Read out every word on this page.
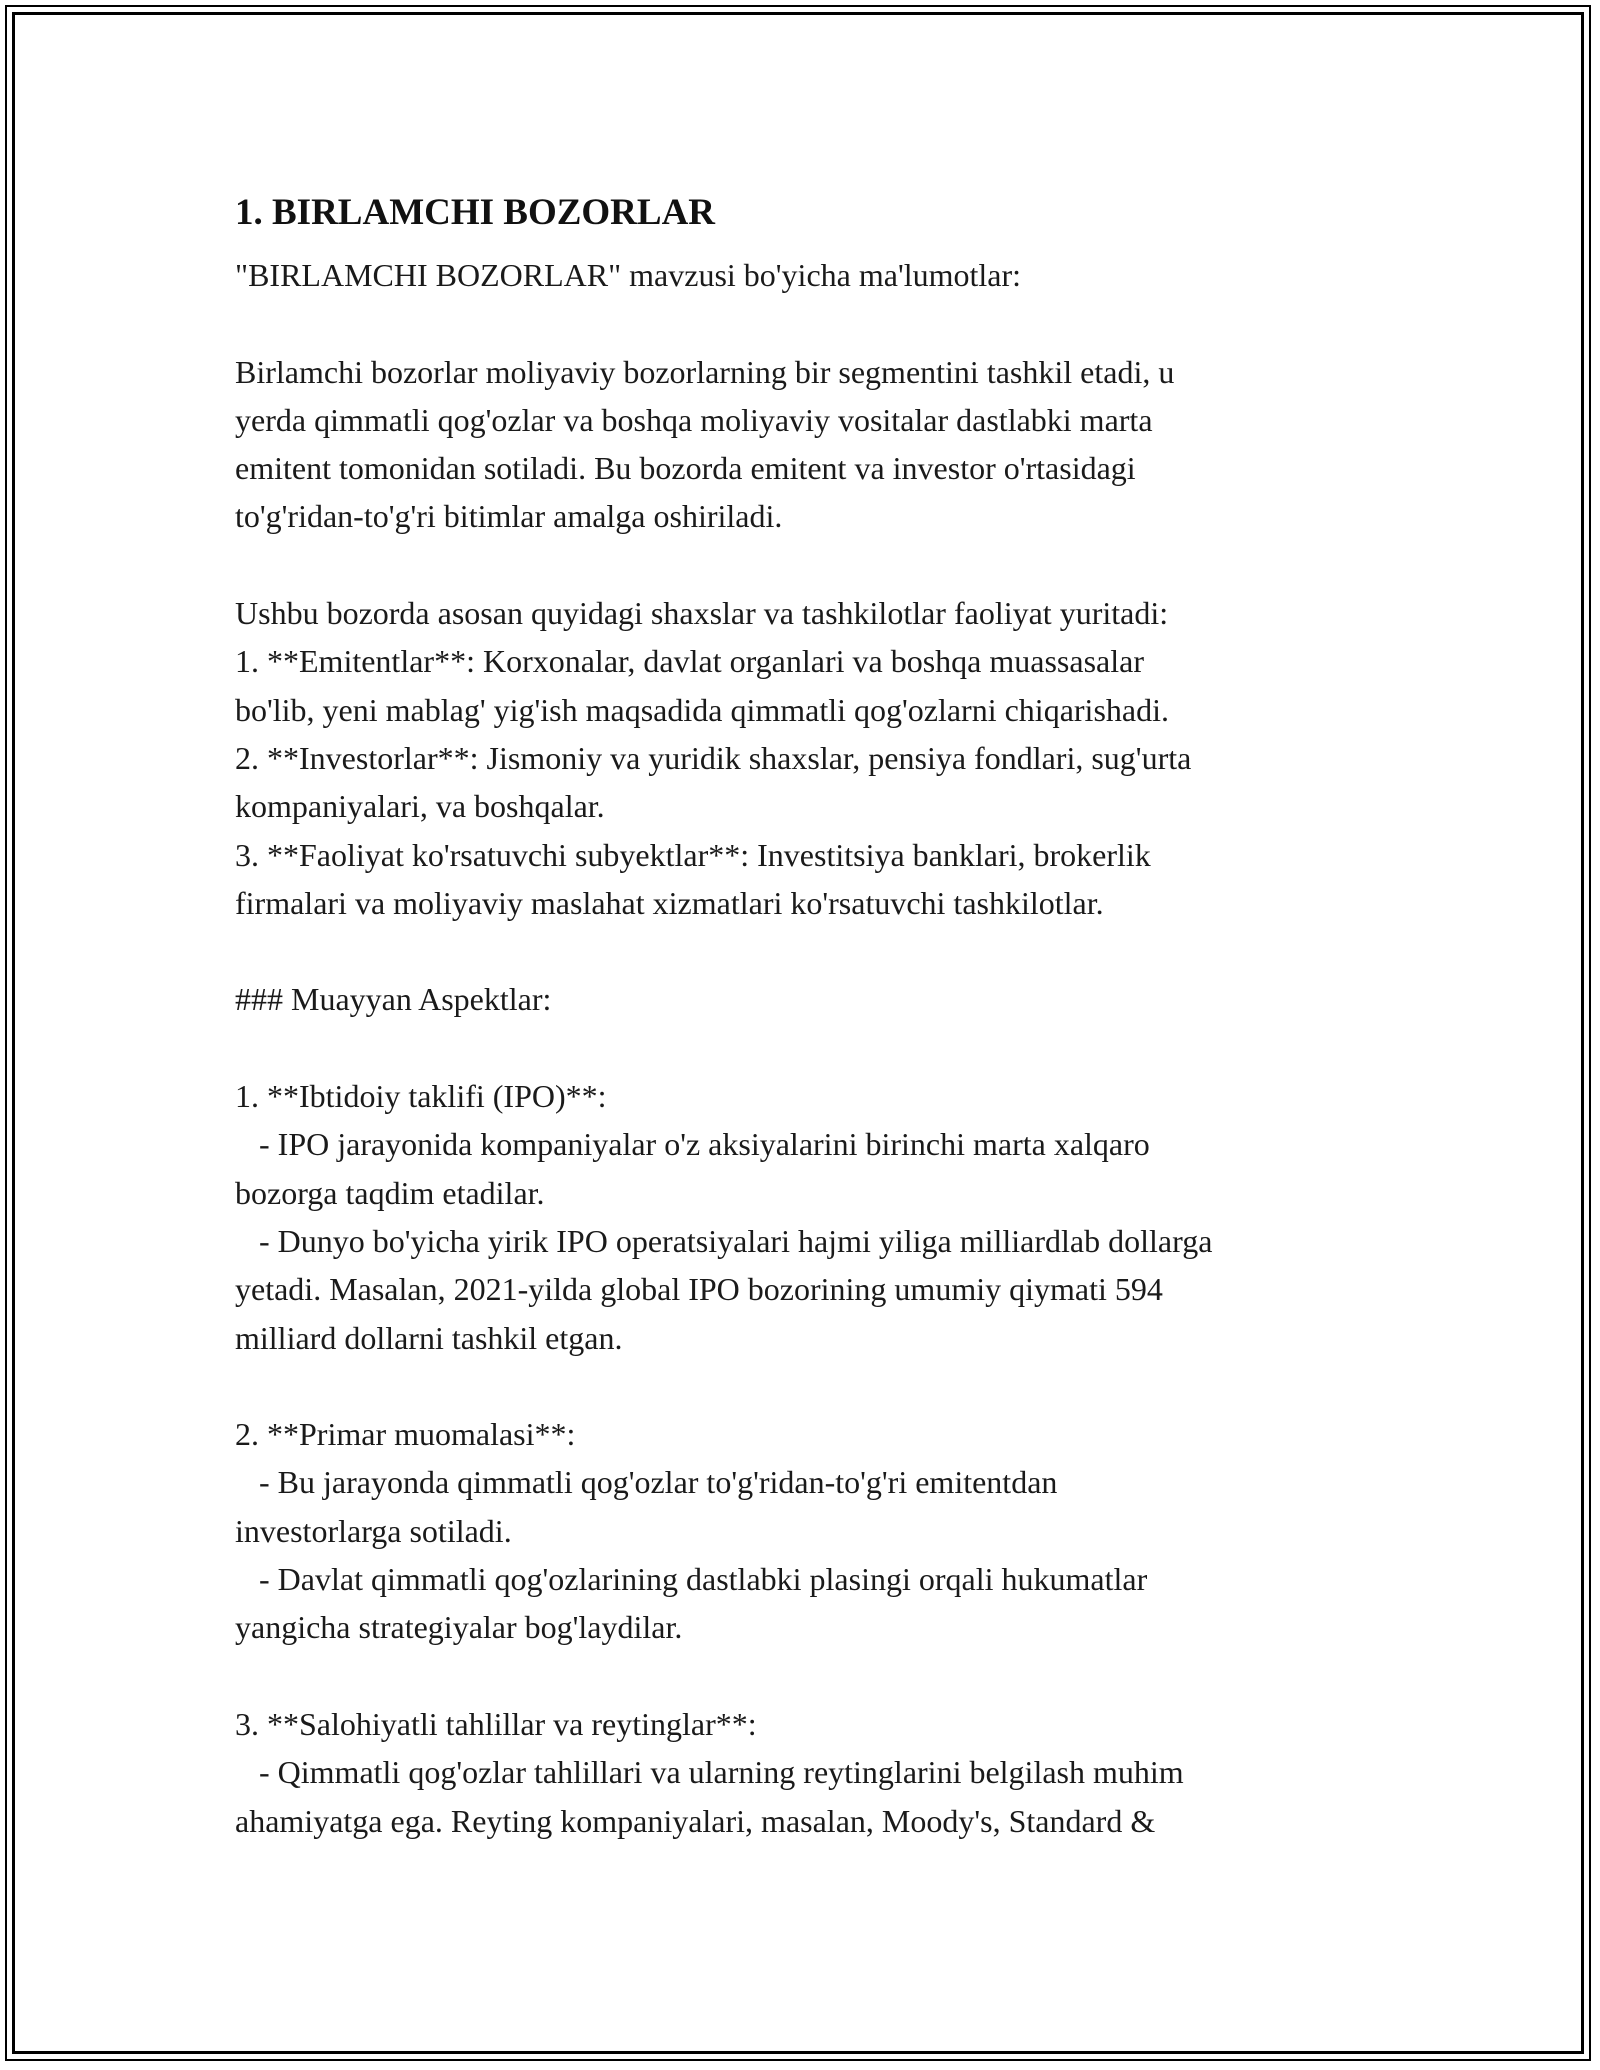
1. BIRLAMCHI BOZORLAR

"BIRLAMCHI BOZORLAR" mavzusi bo'yicha ma'lumotlar:

Birlamchi bozorlar moliyaviy bozorlarning bir segmentini tashkil etadi, u
yerda qimmatli qog'ozlar va boshqa moliyaviy vositalar dastlabki marta
emitent tomonidan sotiladi. Bu bozorda emitent va investor o'rtasidagi
to'g'ridan-to'g'ri bitimlar amalga oshiriladi.

Ushbu bozorda asosan quyidagi shaxslar va tashkilotlar faoliyat yuritadi:
1. **Emitentlar**: Korxonalar, davlat organlari va boshqa muassasalar
bo'lib, yeni mablag' yig'ish maqsadida qimmatli qog'ozlarni chiqarishadi.
2. **Investorlar**: Jismoniy va yuridik shaxslar, pensiya fondlari, sug'urta
kompaniyalari, va boshqalar.
3. **Faoliyat ko'rsatuvchi subyektlar**: Investitsiya banklari, brokerlik
firmalari va moliyaviy maslahat xizmatlari ko'rsatuvchi tashkilotlar.

### Muayyan Aspektlar:

1. **Ibtidoiy taklifi (IPO)**:
- IPO jarayonida kompaniyalar o'z aksiyalarini birinchi marta xalqaro
bozorga taqdim etadilar.
- Dunyo bo'yicha yirik IPO operatsiyalari hajmi yiliga milliardlab dollarga
yetadi. Masalan, 2021-yilda global IPO bozorining umumiy qiymati 594
milliard dollarni tashkil etgan.

2. **Primar muomalasi**:
- Bu jarayonda qimmatli qog'ozlar to'g'ridan-to'g'ri emitentdan
investorlarga sotiladi.
- Davlat qimmatli qog'ozlarining dastlabki plasingi orqali hukumatlar
yangicha strategiyalar bog'laydilar.

3. **Salohiyatli tahlillar va reytinglar**:
- Qimmatli qog'ozlar tahlillari va ularning reytinglarini belgilash muhim
ahamiyatga ega. Reyting kompaniyalari, masalan, Moody's, Standard &
